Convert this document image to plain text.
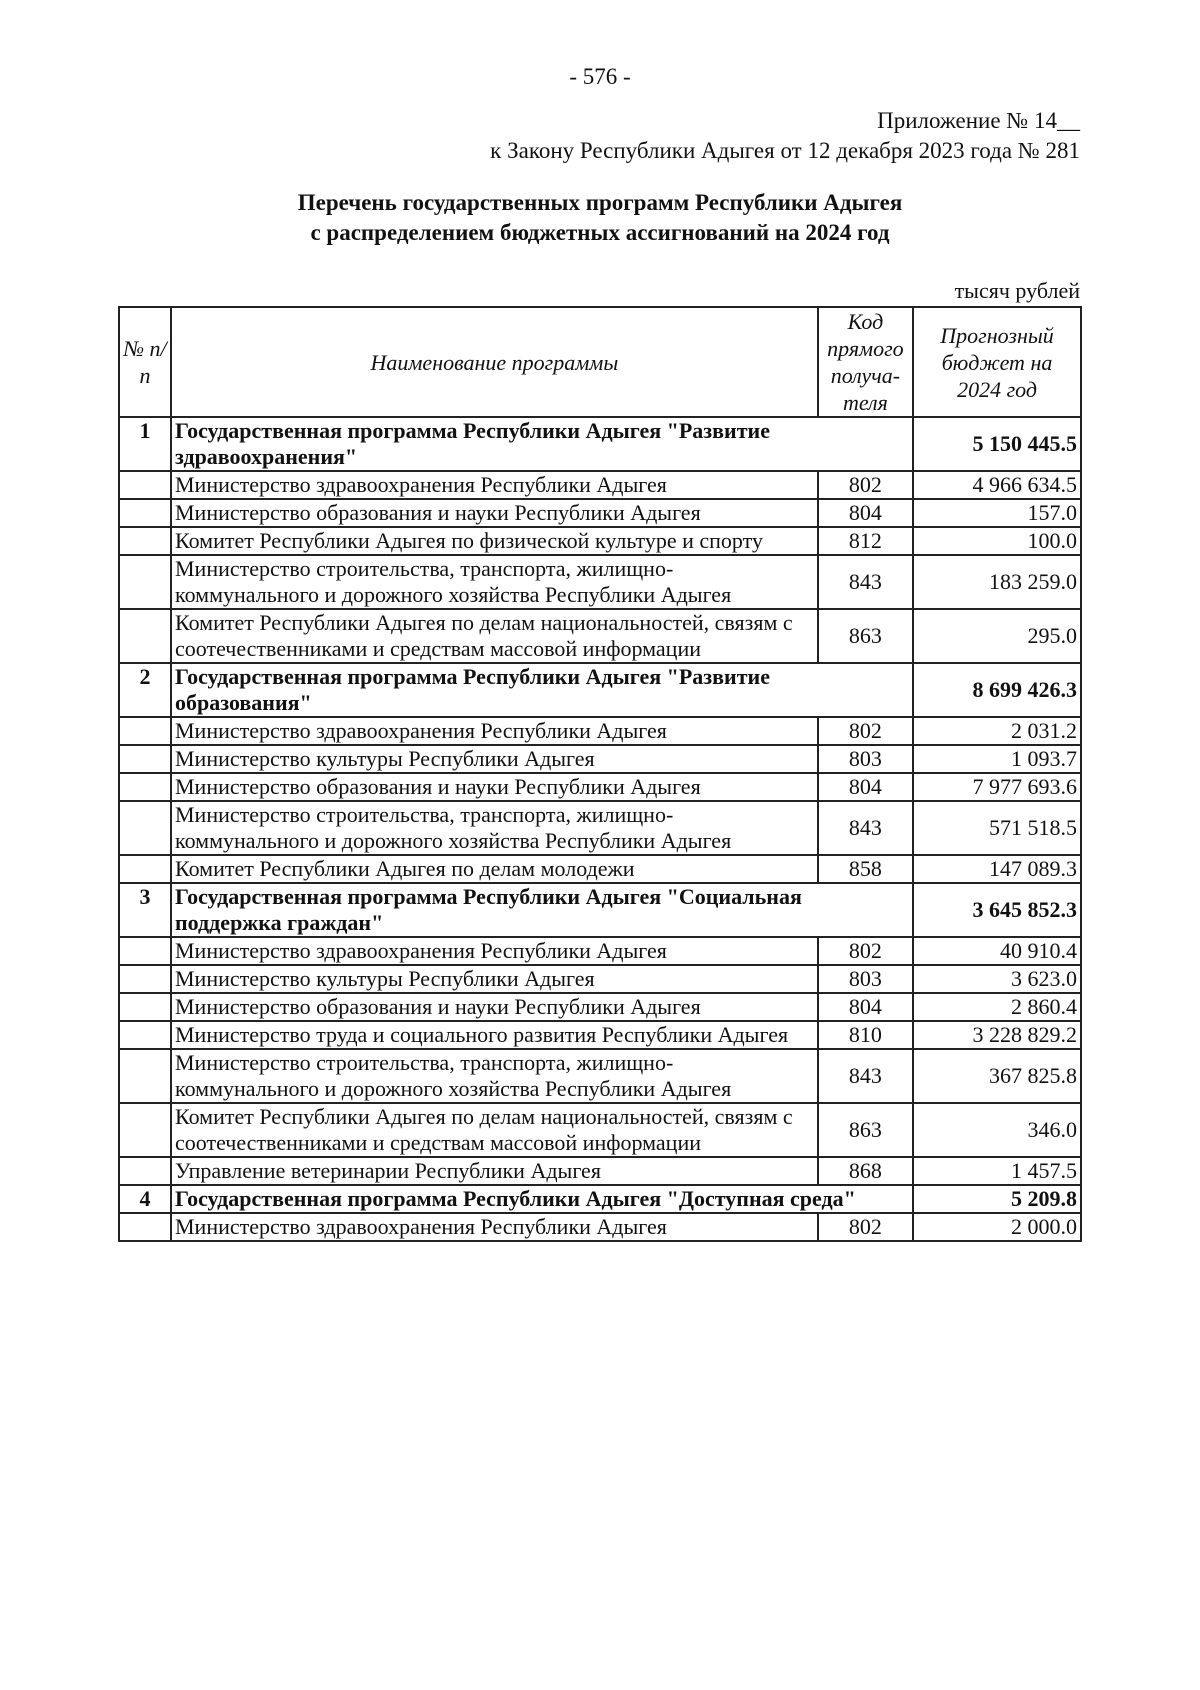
- 576 -
Приложение № 14__
к Закону Республики Адыгея от 12 декабря 2023 года № 281
Перечень государственных программ Республики Адыгея
с распределением бюджетных ассигнований на 2024 год
тысяч рублей
№ п/п	Наименование программы	Код прямого получа-теля	Прогнозный бюджет на 2024 год
1	Государственная программа Республики Адыгея "Развитие здравоохранения"		5 150 445.5
	Министерство здравоохранения Республики Адыгея	802	4 966 634.5
	Министерство образования и науки Республики Адыгея	804	157.0
	Комитет Республики Адыгея по физической культуре и спорту	812	100.0
	Министерство строительства, транспорта, жилищно-коммунального и дорожного хозяйства Республики Адыгея	843	183 259.0
	Комитет Республики Адыгея по делам национальностей, связям с соотечественниками и средствам массовой информации	863	295.0
2	Государственная программа Республики Адыгея "Развитие образования"		8 699 426.3
	Министерство здравоохранения Республики Адыгея	802	2 031.2
	Министерство культуры Республики Адыгея	803	1 093.7
	Министерство образования и науки Республики Адыгея	804	7 977 693.6
	Министерство строительства, транспорта, жилищно-коммунального и дорожного хозяйства Республики Адыгея	843	571 518.5
	Комитет Республики Адыгея по делам молодежи	858	147 089.3
3	Государственная программа Республики Адыгея "Социальная поддержка граждан"		3 645 852.3
	Министерство здравоохранения Республики Адыгея	802	40 910.4
	Министерство культуры Республики Адыгея	803	3 623.0
	Министерство образования и науки Республики Адыгея	804	2 860.4
	Министерство труда и социального развития Республики Адыгея	810	3 228 829.2
	Министерство строительства, транспорта, жилищно-коммунального и дорожного хозяйства Республики Адыгея	843	367 825.8
	Комитет Республики Адыгея по делам национальностей, связям с соотечественниками и средствам массовой информации	863	346.0
	Управление ветеринарии Республики Адыгея	868	1 457.5
4	Государственная программа Республики Адыгея "Доступная среда"		5 209.8
	Министерство здравоохранения Республики Адыгея	802	2 000.0
